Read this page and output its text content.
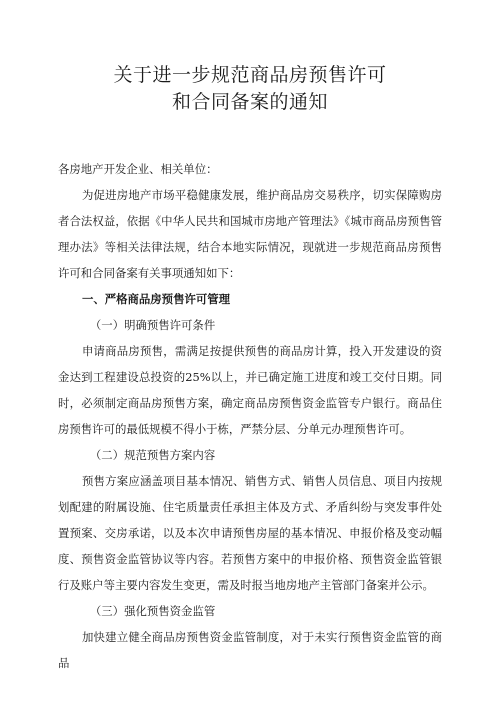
关于进一步规范商品房预售许可
和合同备案的通知

各房地产开发企业、相关单位：

为促进房地产市场平稳健康发展，维护商品房交易秩序，切实保障购房者合法权益，依据《中华人民共和国城市房地产管理法》《城市商品房预售管理办法》等相关法律法规，结合本地实际情况，现就进一步规范商品房预售许可和合同备案有关事项通知如下：

一、严格商品房预售许可管理

（一）明确预售许可条件

申请商品房预售，需满足按提供预售的商品房计算，投入开发建设的资金达到工程建设总投资的25%以上，并已确定施工进度和竣工交付日期。同时，必须制定商品房预售方案，确定商品房预售资金监管专户银行。商品住房预售许可的最低规模不得小于栋，严禁分层、分单元办理预售许可。

（二）规范预售方案内容

预售方案应涵盖项目基本情况、销售方式、销售人员信息、项目内按规划配建的附属设施、住宅质量责任承担主体及方式、矛盾纠纷与突发事件处置预案、交房承诺，以及本次申请预售房屋的基本情况、申报价格及变动幅度、预售资金监管协议等内容。若预售方案中的申报价格、预售资金监管银行及账户等主要内容发生变更，需及时报当地房地产主管部门备案并公示。

（三）强化预售资金监管

加快建立健全商品房预售资金监管制度，对于未实行预售资金监管的商品
